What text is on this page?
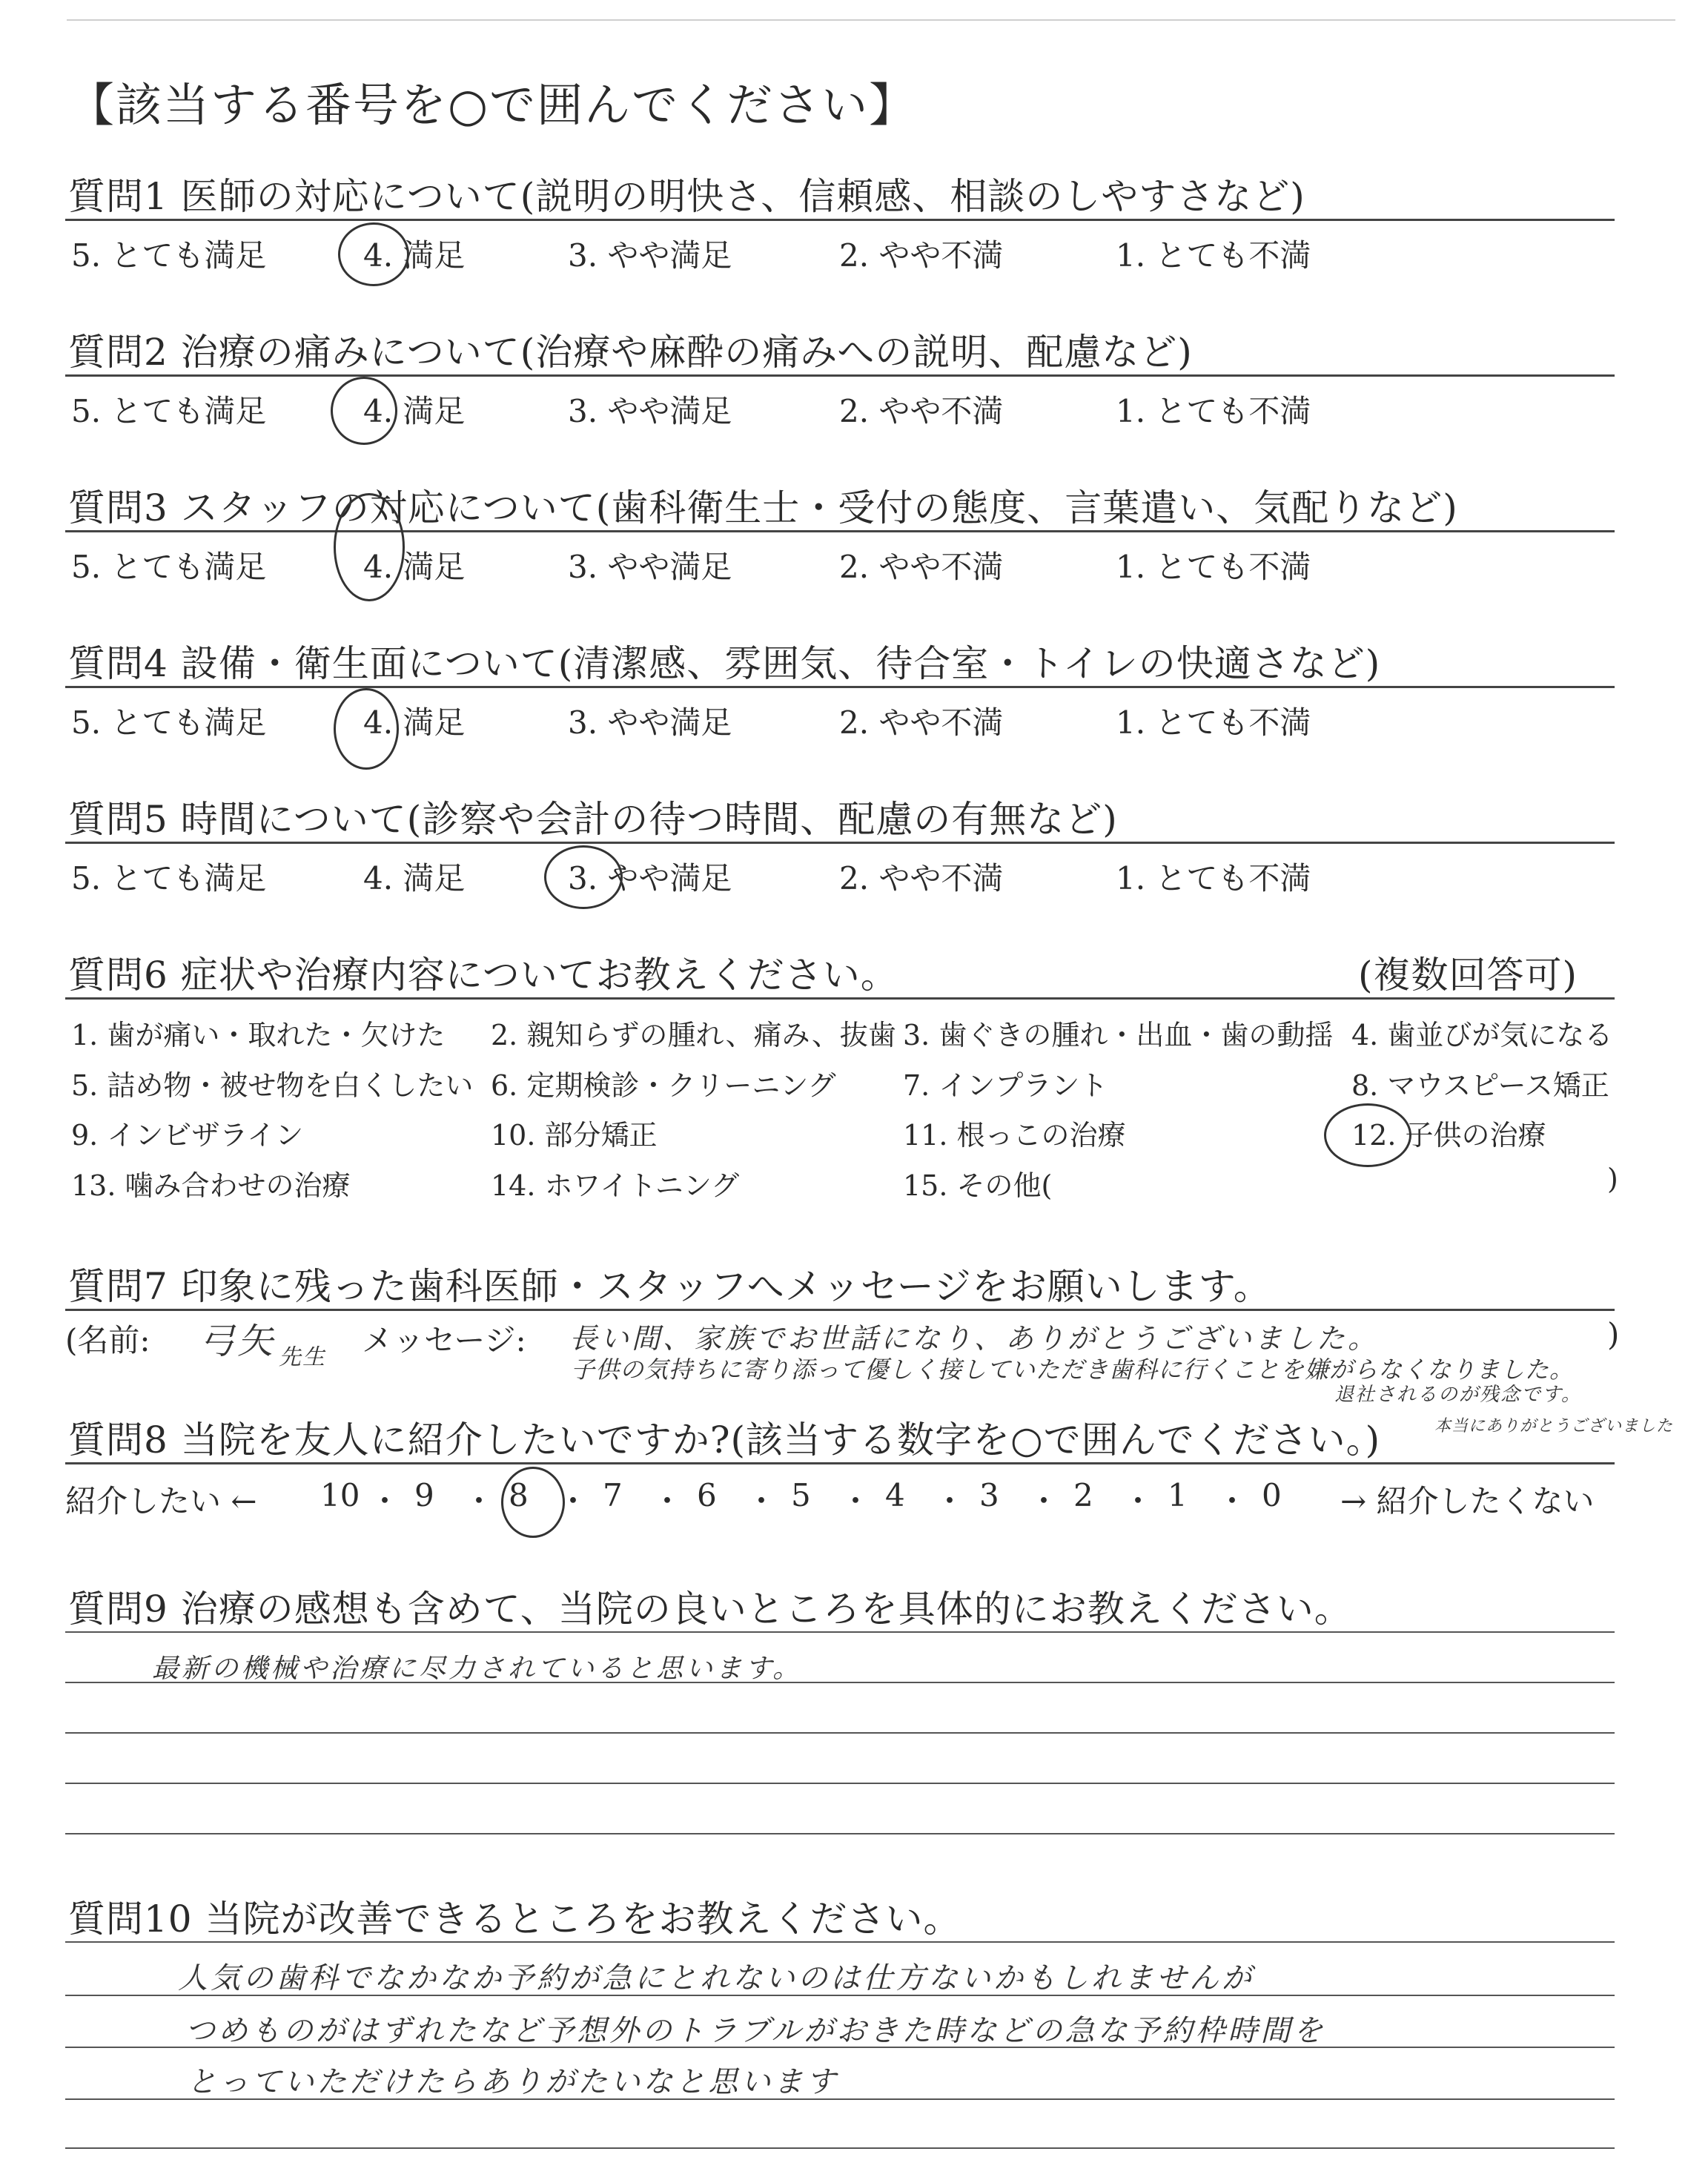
【該当する番号を○で囲んでください】
質問1 医師の対応について(説明の明快さ、信頼感、相談のしやすさなど)
5. とても満足	4. 満足	3. やや満足	2. やや不満	1. とても不満
質問2 治療の痛みについて(治療や麻酔の痛みへの説明、配慮など)
5. とても満足	4. 満足	3. やや満足	2. やや不満	1. とても不満
質問3 スタッフの対応について(歯科衛生士・受付の態度、言葉遣い、気配りなど)
5. とても満足	4. 満足	3. やや満足	2. やや不満	1. とても不満
質問4 設備・衛生面について(清潔感、雰囲気、待合室・トイレの快適さなど)
5. とても満足	4. 満足	3. やや満足	2. やや不満	1. とても不満
質問5 時間について(診察や会計の待つ時間、配慮の有無など)
5. とても満足	4. 満足	3. やや満足	2. やや不満	1. とても不満
質問6 症状や治療内容についてお教えください。	(複数回答可)
1. 歯が痛い・取れた・欠けた 2. 親知らずの腫れ、痛み、抜歯 3. 歯ぐきの腫れ・出血・歯の動揺 4. 歯並びが気になる
5. 詰め物・被せ物を白くしたい 6. 定期検診・クリーニング 7. インプラント	8. マウスピース矯正
9. インビザライン	10. 部分矯正	11. 根っこの治療	12. 子供の治療
13. 噛み合わせの治療	14. ホワイトニング	15. その他(	)
質問7 印象に残った歯科医師・スタッフへメッセージをお願いします。
(名前: 弓矢 先生 メッセージ: 長い間、家族でお世話になり、ありがとうございました。
子供の気持ちに寄り添って優しく接していただき歯科に行くことを嫌がらなくなりました。
退社されるのが残念です。
)
質問8 当院を友人に紹介したいですか?(該当する数字を○で囲んでください。)	本当にありがとうございました
紹介したい ← 10 ・ 9 ・ 8 ・ 7 ・ 6 ・ 5 ・ 4 ・ 3 ・ 2 ・ 1 ・ 0 → 紹介したくない
質問9 治療の感想も含めて、当院の良いところを具体的にお教えください。
最新の機械や治療に尽力されていると思います。
質問10 当院が改善できるところをお教えください。
人気の歯科でなかなか予約が急にとれないのは仕方ないかもしれませんが
つめものがはずれたなど予想外のトラブルがおきた時などの急な予約枠時間を
とっていただけたらありがたいなと思います
